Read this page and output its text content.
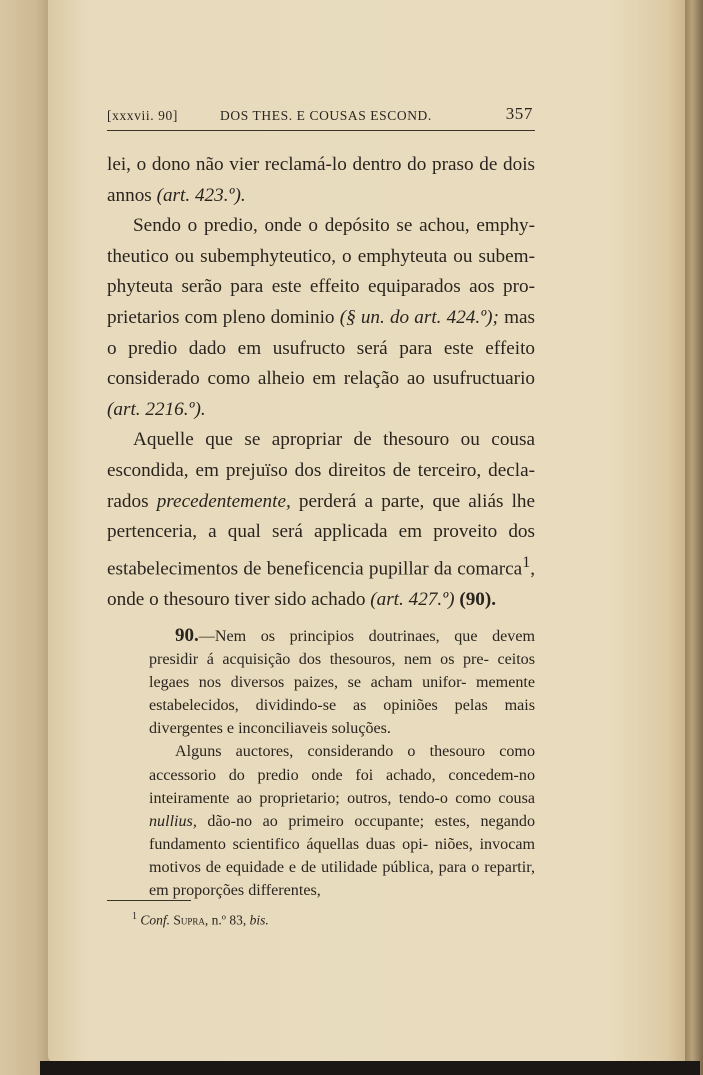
[xxxvii. 90]	DOS THES. E COUSAS ESCOND.	357

lei, o dono não vier reclamá-lo dentro do praso de dois annos (art. 423.º).

Sendo o predio, onde o depósito se achou, emphy- theutico ou subemphyteutico, o emphyteuta ou subem- phyteuta serão para este effeito equiparados aos pro- prietarios com pleno dominio (§ un. do art. 424.º); mas o predio dado em usufructo será para este effeito considerado como alheio em relação ao usufructuario (art. 2216.º).

Aquelle que se apropriar de thesouro ou cousa escondida, em prejuïso dos direitos de terceiro, decla- rados precedentemente, perderá a parte, que aliás lhe pertenceria, a qual será applicada em proveito dos estabelecimentos de beneficencia pupillar da comarca$^1$, onde o thesouro tiver sido achado (art. 427.º) (90).

90.—Nem os principios doutrinaes, que devem presidir á acquisição dos thesouros, nem os pre- ceitos legaes nos diversos paizes, se acham unifor- memente estabelecidos, dividindo-se as opiniões pelas mais divergentes e inconciliaveis soluções.

Alguns auctores, considerando o thesouro como accessorio do predio onde foi achado, concedem-no inteiramente ao proprietario; outros, tendo-o como cousa nullius, dão-no ao primeiro occupante; estes, negando fundamento scientifico áquellas duas opi- niões, invocam motivos de equidade e de utilidade pública, para o repartir, em proporções differentes,

$^1$ Conf. Supra, n.º 83, bis.
